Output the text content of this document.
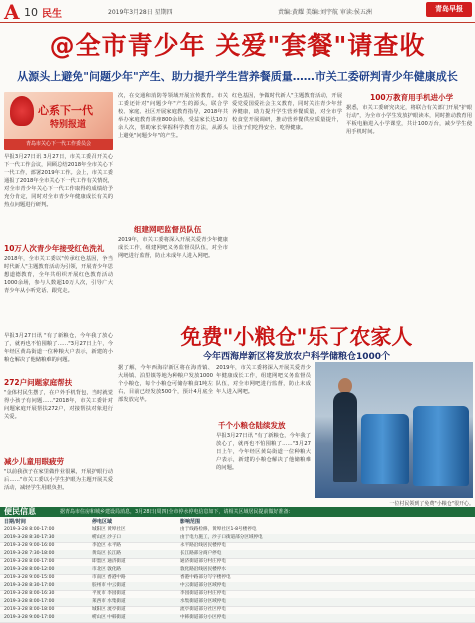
A 10 民生	2019年3月28日 星期四	责编:黄耀 美编:刘宇航 审读:侯五洲	青岛早报
@全市青少年 关爱"套餐"请查收
从源头上避免"问题少年"产生、助力提升学生营养餐质量……市关工委研判青少年健康成长
心系下一代
特别报道
青岛市关心下一代工作委员会
早报3月27日讯 3月27日，市关工委召开关心下一代工作会议，回顾总结2018年全市关心下一代工作，部署2019年工作。会上，市关工委通报了2018年全市关心下一代工作有关情况，对全市青少年关心下一代工作取得的成绩给予充分肯定，同时对全市青少年健康成长有关的热点问题进行研判。
10万人次青少年接受红色洗礼
2018年，全市关工委以"传承红色基因，争当时代新人"主题教育活动为引领，开展青少年思想道德教育，全年共组织开展红色教育活动1000余场，参与人数超10万人次，引导广大青少年从小听党话、跟党走。
早报3月27日讯 "有了新粮仓，今年我了放心了，就再也不怕囤粮了……"3月27日上午，今年经区黄岛街道一位种粮大户表示，新建的小粮仓解决了他储粮难的问题。
272户问题家庭帮扶
"金体村民生摆了，在户外手机背包，当时就觉得小孩子有问题……"2018年，市关工委针对问题家庭开展帮扶272户，对接帮扶对象进行关爱。
减少儿童用眼疲劳
"以前我孩子在家里做作业很累，开展护眼行动后……"市关工委以小学生护眼为主题开展关爱活动，减轻学生用眼负担。
次，在交通和消防等领域开展宣传教育。市关工委还针对"问题少年"产生的源头，联合学校、家庭、社区开展家庭教育指导，2018年共举办家庭教育讲座800余场，受益家长达10万余人次，帮助家长掌握科学教育方法，从源头上避免"问题少年"的产生。
组建网吧监督员队伍
2019年，市关工委将深入开展关爱青少年健康成长工作，组建网吧义务监督员队伍，对全市网吧进行监督，防止未成年人进入网吧。
红色基因，争做时代新人"主题教育活动，开展爱党爱国爱社会主义教育，同时关注青少年营养健康，助力提升学生营养餐质量，对全市学校食堂开展调研，推动营养餐供应质量提升，让孩子们吃得安全、吃得健康。
100万教育用手机进小学
据悉，市关工委研究决定，将联合有关部门开展"护眼行动"，为全市小学生发放护眼读本，同时推动教育用平板电脑进入小学课堂，共计100万台，减少学生使用手机时间。
免费"小粮仓"乐了农家人
今年西海岸新区将发放农户科学储粮仓1000个
据了解，今年西海岸新区将在海青镇、大场镇、泊里镇等地为种粮户发放1000个小粮仓，每个小粮仓可储存粮食1吨左右，目前已经发放500个，预计4月底全部发放完毕。
千个小粮仓陆续发放
2019年，市关工委将深入开展关爱青少年健康成长工作，组建网吧义务监督员队伍，对全市网吧进行监督，防止未成年人进入网吧。
早报3月27日讯 "有了新粮仓，今年我了放心了，就再也不怕囤粮了……"3月27日上午，今年经区黄岛街道一位种粮大户表示，新建的小粮仓解决了他储粮难的问题。
一位村民领到了免费"小粮仓"很开心。
便民信息	据青岛市住房和城乡建设局消息，3月28日(周四)全市停水停电信息如下，请相关区域居民提前做好准备：
日期/时间	停电区域	影响范围
2019-3-28 8:00-17:00	城阳区 黄埠社区	由于线路检修，黄埠社区1-8号楼停电
2019-3-28 8:30-17:30	崂山区 沙子口	由于电力施工，沙子口街道部分区域停电
2019-3-28 9:00-16:00	李沧区 永平路	永平路沿线居民楼停电
2019-3-28 7:30-18:00	黄岛区 长江路	长江路部分商户停电
2019-3-28 8:00-17:00	即墨区 通济街道	通济街道部分村庄停电
2019-3-28 8:00-12:00	市北区 敦化路	敦化路沿线居民楼停水
2019-3-28 9:00-15:00	市南区 香港中路	香港中路部分写字楼停电
2019-3-28 8:30-17:00	胶州市 中云街道	中云街道部分区域停电
2019-3-28 8:00-16:30	平度市 李园街道	李园街道部分村庄停电
2019-3-28 8:00-17:00	莱西市 水集街道	水集街道部分区域停电
2019-3-28 8:00-18:00	城阳区 流亭街道	流亭街道部分社区停电
2019-3-28 9:00-17:00	崂山区 中韩街道	中韩街道部分小区停电
